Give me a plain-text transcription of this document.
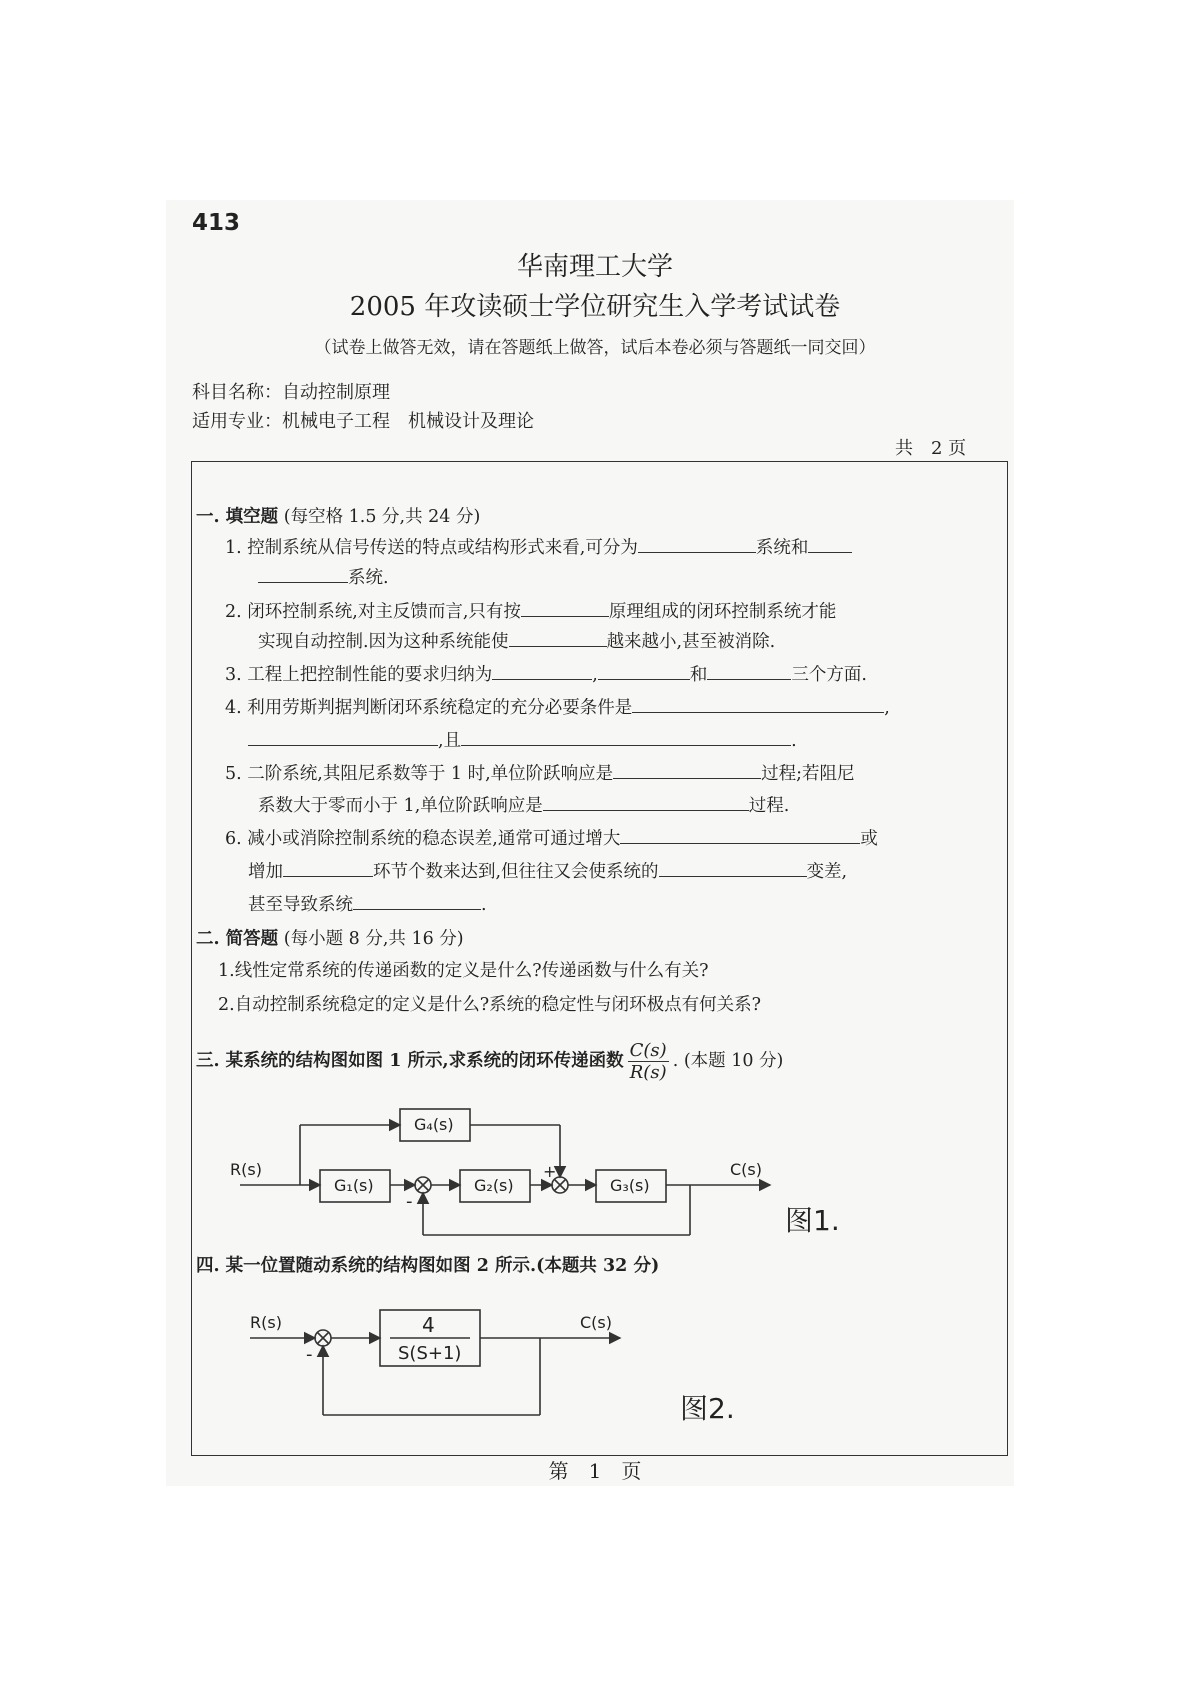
413
华南理工大学
2005 年攻读硕士学位研究生入学考试试卷
（试卷上做答无效，请在答题纸上做答，试后本卷必须与答题纸一同交回）
科目名称：自动控制原理
适用专业：机械电子工程　机械设计及理论
共　2 页
一. 填空题 (每空格 1.5 分,共 24 分)
1. 控制系统从信号传送的特点或结构形式来看,可分为	系统和
系统.
2. 闭环控制系统,对主反馈而言,只有按	原理组成的闭环控制系统才能
实现自动控制.因为这种系统能使	越来越小,甚至被消除.
3. 工程上把控制性能的要求归纳为	,	和	三个方面.
4. 利用劳斯判据判断闭环系统稳定的充分必要条件是	,
,且	.
5. 二阶系统,其阻尼系数等于 1 时,单位阶跃响应是	过程;若阻尼
系数大于零而小于 1,单位阶跃响应是	过程.
6. 减小或消除控制系统的稳态误差,通常可通过增大	或
增加	环节个数来达到,但往往又会使系统的	变差,
甚至导致系统	.
二. 简答题 (每小题 8 分,共 16 分)
1.线性定常系统的传递函数的定义是什么?传递函数与什么有关?
2.自动控制系统稳定的定义是什么?系统的稳定性与闭环极点有何关系?
三. 某系统的结构图如图 1 所示,求系统的闭环传递函数 $\frac{C(s)}{R(s)}$ . (本题 10 分)
R(s)	C(s)
G₁(s)	G₂(s)	G₃(s)
G₄(s)
-
+
图1.
四. 某一位置随动系统的结构图如图 2 所示.(本题共 32 分)
R(s)	C(s)
4
S(S+1)
-
图2.
第　1　页
